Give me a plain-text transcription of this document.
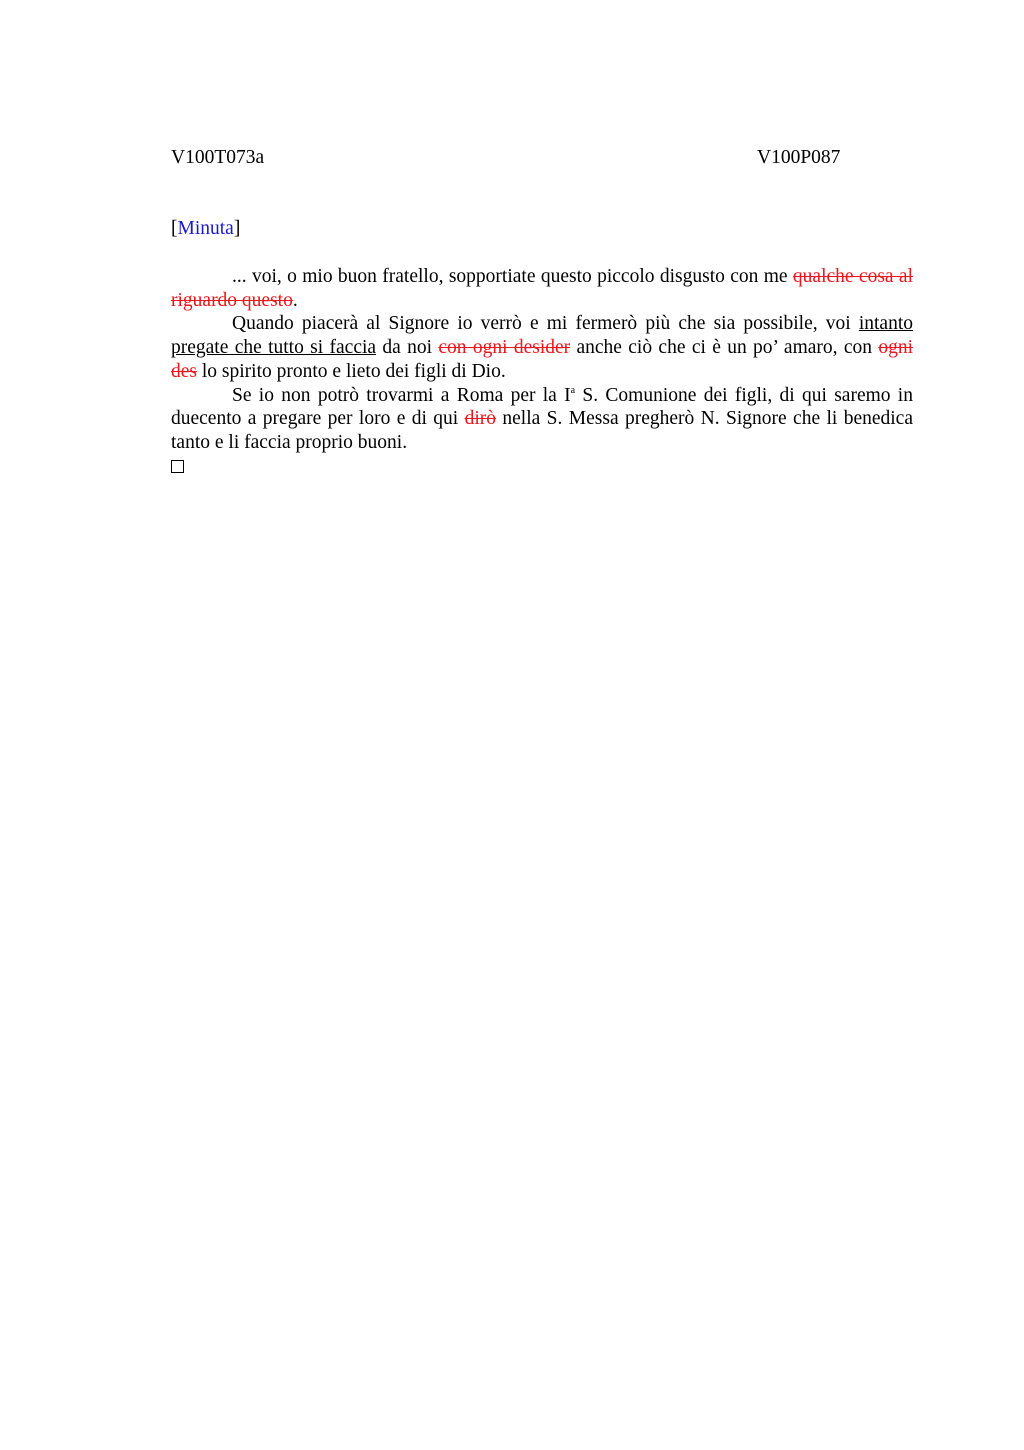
V100T073a	V100P087
[Minuta]

... voi, o mio buon fratello, sopportiate questo piccolo disgusto con me qualche cosa al riguardo questo.

Quando piacerà al Signore io verrò e mi fermerò più che sia possibile, voi intanto pregate che tutto si faccia da noi con ogni desider anche ciò che ci è un po’ amaro, con ogni des lo spirito pronto e lieto dei figli di Dio.

Se io non potrò trovarmi a Roma per la $I^a$ S. Comunione dei figli, di qui saremo in duecento a pregare per loro e di qui dirò nella S. Messa pregherò N. Signore che li benedica tanto e li faccia proprio buoni.
